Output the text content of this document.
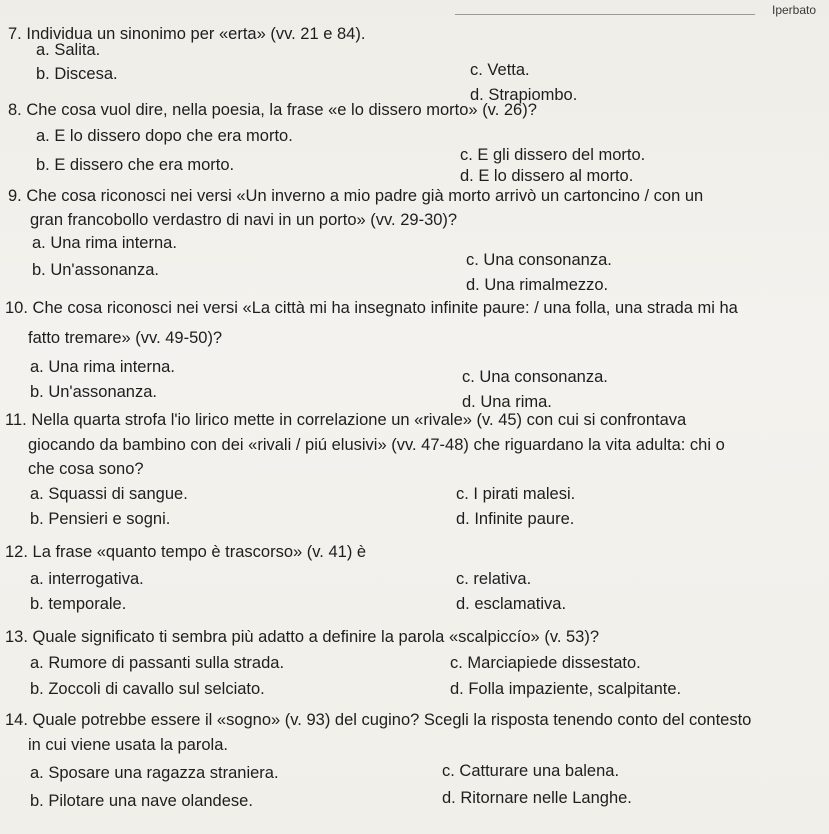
Iperbato
7. Individua un sinonimo per «erta» (vv. 21 e 84).
a. Salita.
b. Discesa.	c. Vetta.
d. Strapiombo.
8. Che cosa vuol dire, nella poesia, la frase «e lo dissero morto» (v. 26)?
a. E lo dissero dopo che era morto.
b. E dissero che era morto.
c. E gli dissero del morto.
d. E lo dissero al morto.
9. Che cosa riconosci nei versi «Un inverno a mio padre già morto arrivò un cartoncino / con un
gran francobollo verdastro di navi in un porto» (vv. 29-30)?
a. Una rima interna.
b. Un'assonanza.
c. Una consonanza.
d. Una rimalmezzo.
10. Che cosa riconosci nei versi «La città mi ha insegnato infinite paure: / una folla, una strada mi ha
fatto tremare» (vv. 49-50)?
a. Una rima interna.
b. Un'assonanza.
c. Una consonanza.
d. Una rima.
11. Nella quarta strofa l'io lirico mette in correlazione un «rivale» (v. 45) con cui si confrontava
giocando da bambino con dei «rivali / piú elusivi» (vv. 47-48) che riguardano la vita adulta: chi o
che cosa sono?
a. Squassi di sangue.
b. Pensieri e sogni.
c. I pirati malesi.
d. Infinite paure.
12. La frase «quanto tempo è trascorso» (v. 41) è
a. interrogativa.
b. temporale.
c. relativa.
d. esclamativa.
13. Quale significato ti sembra più adatto a definire la parola «scalpiccío» (v. 53)?
a. Rumore di passanti sulla strada.
b. Zoccoli di cavallo sul selciato.
c. Marciapiede dissestato.
d. Folla impaziente, scalpitante.
14. Quale potrebbe essere il «sogno» (v. 93) del cugino? Scegli la risposta tenendo conto del contesto
in cui viene usata la parola.
a. Sposare una ragazza straniera.
b. Pilotare una nave olandese.
c. Catturare una balena.
d. Ritornare nelle Langhe.
